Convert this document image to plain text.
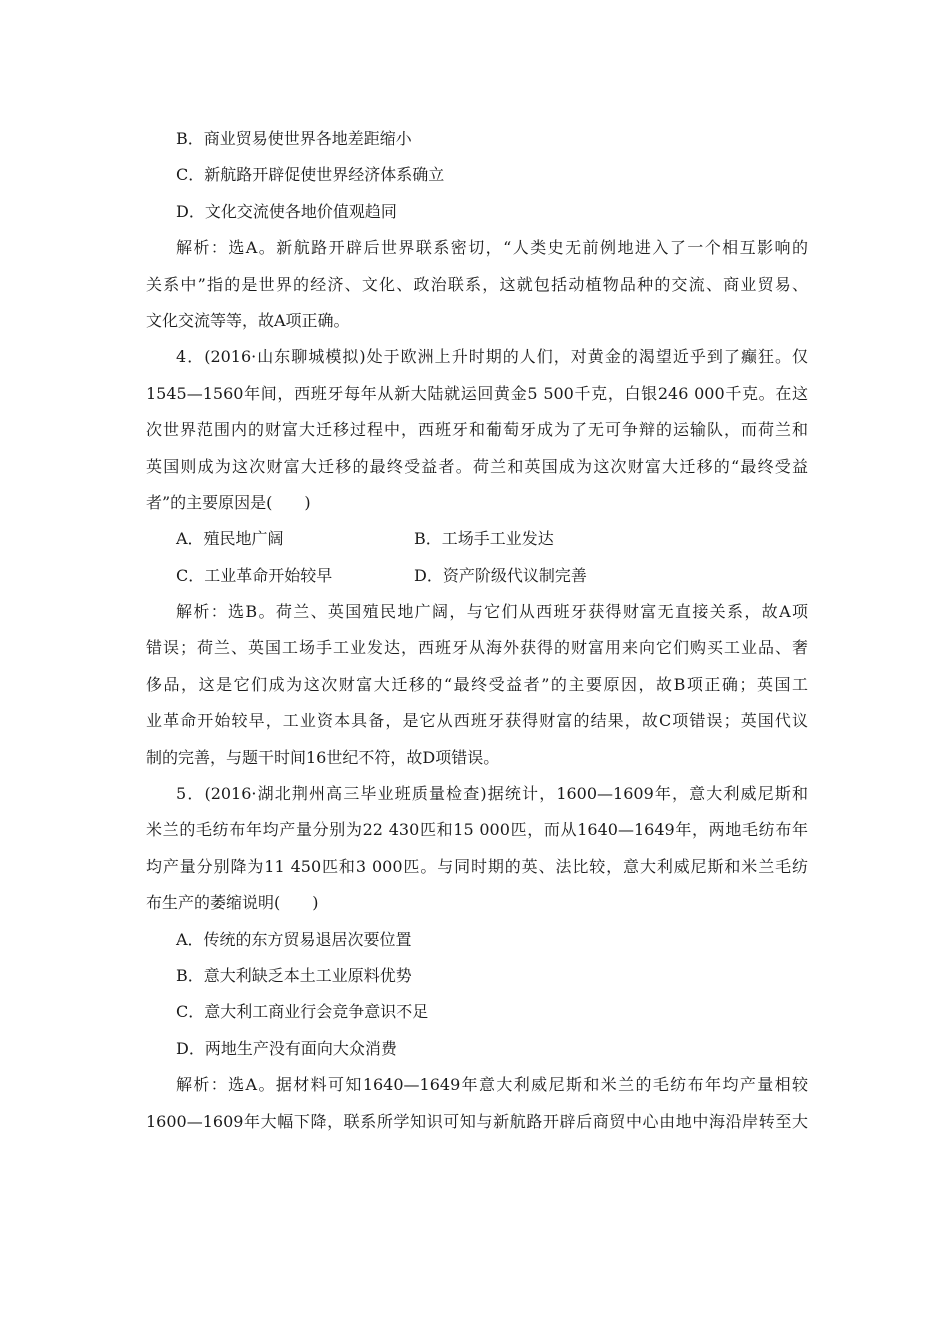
B．商业贸易使世界各地差距缩小
C．新航路开辟促使世界经济体系确立
D．文化交流使各地价值观趋同
解析：选A。新航路开辟后世界联系密切，“人类史无前例地进入了一个相互影响的
关系中”指的是世界的经济、文化、政治联系，这就包括动植物品种的交流、商业贸易、
文化交流等等，故A项正确。
4．(2016·山东聊城模拟)处于欧洲上升时期的人们，对黄金的渴望近乎到了癫狂。仅
1545—1560年间，西班牙每年从新大陆就运回黄金5 500千克，白银246 000千克。在这
次世界范围内的财富大迁移过程中，西班牙和葡萄牙成为了无可争辩的运输队，而荷兰和
英国则成为这次财富大迁移的最终受益者。荷兰和英国成为这次财富大迁移的“最终受益
者”的主要原因是(　　)
A．殖民地广阔	B．工场手工业发达
C．工业革命开始较早	D．资产阶级代议制完善
解析：选B。荷兰、英国殖民地广阔，与它们从西班牙获得财富无直接关系，故A项
错误；荷兰、英国工场手工业发达，西班牙从海外获得的财富用来向它们购买工业品、奢
侈品，这是它们成为这次财富大迁移的“最终受益者”的主要原因，故B项正确；英国工
业革命开始较早，工业资本具备，是它从西班牙获得财富的结果，故C项错误；英国代议
制的完善，与题干时间16世纪不符，故D项错误。
5．(2016·湖北荆州高三毕业班质量检查)据统计，1600—1609年，意大利威尼斯和
米兰的毛纺布年均产量分别为22 430匹和15 000匹，而从1640—1649年，两地毛纺布年
均产量分别降为11 450匹和3 000匹。与同时期的英、法比较，意大利威尼斯和米兰毛纺
布生产的萎缩说明(　　)
A．传统的东方贸易退居次要位置
B．意大利缺乏本土工业原料优势
C．意大利工商业行会竞争意识不足
D．两地生产没有面向大众消费
解析：选A。据材料可知1640—1649年意大利威尼斯和米兰的毛纺布年均产量相较
1600—1609年大幅下降，联系所学知识可知与新航路开辟后商贸中心由地中海沿岸转至大
